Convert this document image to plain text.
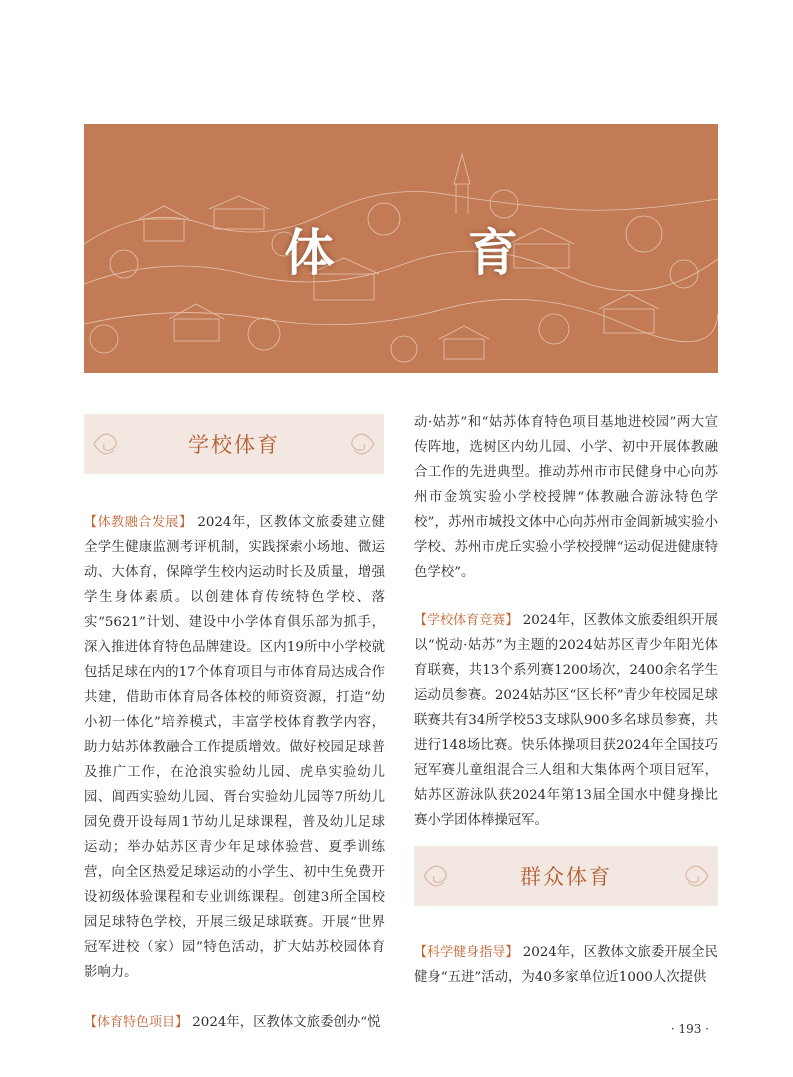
体 育
学校体育

【体教融合发展】 2024年，区教体文旅委建立健全学生健康监测考评机制，实践探索小场地、微运动、大体育，保障学生校内运动时长及质量，增强学生身体素质。以创建体育传统特色学校、落实“5621”计划、建设中小学体育俱乐部为抓手，深入推进体育特色品牌建设。区内19所中小学校就包括足球在内的17个体育项目与市体育局达成合作共建，借助市体育局各体校的师资资源，打造“幼小初一体化”培养模式，丰富学校体育教学内容，助力姑苏体教融合工作提质增效。做好校园足球普及推广工作，在沧浪实验幼儿园、虎阜实验幼儿园、阊西实验幼儿园、胥台实验幼儿园等7所幼儿园免费开设每周1节幼儿足球课程，普及幼儿足球运动；举办姑苏区青少年足球体验营、夏季训练营，向全区热爱足球运动的小学生、初中生免费开设初级体验课程和专业训练课程。创建3所全国校园足球特色学校，开展三级足球联赛。开展“世界冠军进校（家）园”特色活动，扩大姑苏校园体育影响力。

【体育特色项目】 2024年，区教体文旅委创办“悦

动·姑苏”和“姑苏体育特色项目基地进校园”两大宣传阵地，选树区内幼儿园、小学、初中开展体教融合工作的先进典型。推动苏州市市民健身中心向苏州市金筑实验小学校授牌“体教融合游泳特色学校”，苏州市城投文体中心向苏州市金阊新城实验小学校、苏州市虎丘实验小学校授牌“运动促进健康特色学校”。

【学校体育竞赛】 2024年，区教体文旅委组织开展以“悦动·姑苏”为主题的2024姑苏区青少年阳光体育联赛，共13个系列赛1200场次，2400余名学生运动员参赛。2024姑苏区“区长杯”青少年校园足球联赛共有34所学校53支球队900多名球员参赛，共进行148场比赛。快乐体操项目获2024年全国技巧冠军赛儿童组混合三人组和大集体两个项目冠军，姑苏区游泳队获2024年第13届全国水中健身操比赛小学团体棒操冠军。

群众体育

【科学健身指导】 2024年，区教体文旅委开展全民健身“五进”活动，为40多家单位近1000人次提供

· 193 ·
